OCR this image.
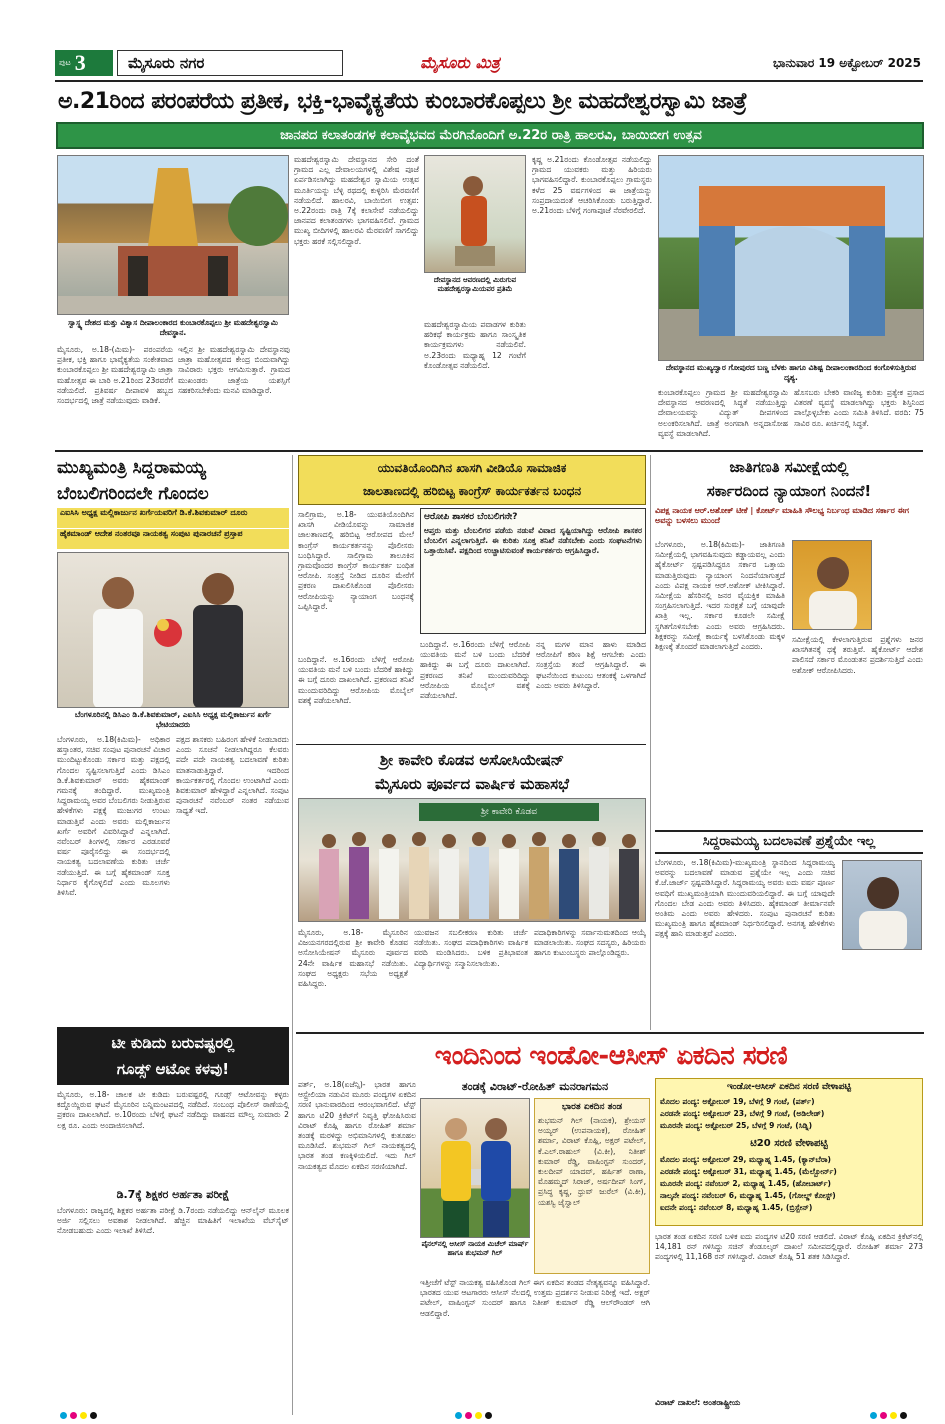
ಪುಟ 3	ಮೈಸೂರು ನಗರ	ಮೈಸೂರು ಮಿತ್ರ	ಭಾನುವಾರ 19 ಅಕ್ಟೋಬರ್ 2025
ಅ.21ರಿಂದ ಪರಂಪರೆಯ ಪ್ರತೀಕ, ಭಕ್ತಿ-ಭಾವೈಕ್ಯತೆಯ ಕುಂಬಾರಕೊಪ್ಪಲು ಶ್ರೀ ಮಹದೇಶ್ವರಸ್ವಾಮಿ ಜಾತ್ರೆ
ಜಾನಪದ ಕಲಾತಂಡಗಳ ಕಲಾವೈಭವದ ಮೆರಗಿನೊಂದಿಗೆ ಅ.22ರ ರಾತ್ರಿ ಹಾಲರವಿ, ಬಾಯಿಬೀಗ ಉತ್ಸವ
ಸ್ವಾಸ್ಥ್ಯ ದೇಶದ ಮತ್ತು ವಿಶ್ವಾಸ ದೀಪಾಲಂಕಾರದ ಕುಂಬಾರಕೊಪ್ಪಲು ಶ್ರೀ ಮಹದೇಶ್ವರಸ್ವಾಮಿ ದೇವಸ್ಥಾನ.
ಮೈಸೂರು, ಅ.18-(ಮಿಮ)- ಪರಂಪರೆಯ ಪ್ರತೀಕ, ಭಕ್ತಿ ಹಾಗೂ ಭಾವೈಕ್ಯತೆಯ ಸಂಕೇತವಾದ ಕುಂಬಾರಕೊಪ್ಪಲು ಶ್ರೀ ಮಹದೇಶ್ವರಸ್ವಾಮಿ ಜಾತ್ರಾ ಮಹೋತ್ಸವ ಈ ಬಾರಿ ಅ.21ರಿಂದ 23ರವರೆಗೆ ನಡೆಯಲಿದೆ. ಪ್ರತಿವರ್ಷ ದೀಪಾವಳಿ ಹಬ್ಬದ ಸಂದರ್ಭದಲ್ಲಿ ಜಾತ್ರೆ ನಡೆಯುವುದು ವಾಡಿಕೆ.
ಇಲ್ಲಿನ ಶ್ರೀ ಮಹದೇಶ್ವರಸ್ವಾಮಿ ದೇವಸ್ಥಾನವು ಜಾತ್ರಾ ಮಹೋತ್ಸವದ ಕೇಂದ್ರ ಬಿಂದುವಾಗಿದ್ದು ಸಾವಿರಾರು ಭಕ್ತರು ಆಗಮಿಸುತ್ತಾರೆ. ಗ್ರಾಮದ ಮುಖಂಡರು ಜಾತ್ರೆಯ ಯಶಸ್ಸಿಗೆ ಸಹಕರಿಸಬೇಕೆಂದು ಮನವಿ ಮಾಡಿದ್ದಾರೆ.
ಮಹದೇಶ್ವರಸ್ವಾಮಿ ದೇವಸ್ಥಾನದ ಸೇರಿ ದಂತೆ ಗ್ರಾಮದ ಎಲ್ಲ ದೇವಾಲಯಗಳಲ್ಲಿ ವಿಶೇಷ ಪೂಜೆ ಏರ್ಪಡಿಸಲಾಗಿದ್ದು ಮಹದೇಶ್ವರ ಸ್ವಾಮಿಯ ಉತ್ಸವ ಮೂರ್ತಿಯನ್ನು ಬೆಳ್ಳಿ ರಥದಲ್ಲಿ ಕುಳ್ಳಿರಿಸಿ ಮೆರವಣಿಗೆ ನಡೆಯಲಿದೆ. ಹಾಲರವಿ, ಬಾಯಿಬೀಗ ಉತ್ಸವ: ಅ.22ರಂದು ರಾತ್ರಿ 7ಕ್ಕೆ ಕಲಾಸೇವೆ ನಡೆಯಲಿದ್ದು ಜಾನಪದ ಕಲಾತಂಡಗಳು ಭಾಗವಹಿಸಲಿವೆ. ಗ್ರಾಮದ ಮುಖ್ಯ ಬೀದಿಗಳಲ್ಲಿ ಹಾಲರವಿ ಮೆರವಣಿಗೆ ಸಾಗಲಿದ್ದು ಭಕ್ತರು ಹರಕೆ ಸಲ್ಲಿಸಲಿದ್ದಾರೆ.
ದೇವಸ್ಥಾನದ ಆವರಣದಲ್ಲಿ ಮಿರುಗುವ ಮಹದೇಶ್ವರಸ್ವಾಮಿಯವರ ಪ್ರತಿಮೆ
ಮಹದೇಶ್ವರಸ್ವಾಮಿಯ ಪವಾಡಗಳ ಕುರಿತು ಹರಿಕಥೆ ಕಾರ್ಯಕ್ರಮ ಹಾಗೂ ಸಾಂಸ್ಕೃತಿಕ ಕಾರ್ಯಕ್ರಮಗಳು ನಡೆಯಲಿವೆ. ಅ.23ರಂದು ಮಧ್ಯಾಹ್ನ 12 ಗಂಟೆಗೆ ಕೊಂಡೋತ್ಸವ ನಡೆಯಲಿದೆ.
ಕೃಷ್ಣ ಅ.21ರಂದು ಕೊಂಡೋತ್ಸವ ನಡೆಯಲಿದ್ದು ಗ್ರಾಮದ ಯುವಕರು ಮತ್ತು ಹಿರಿಯರು ಭಾಗವಹಿಸಲಿದ್ದಾರೆ. ಕುಂಬಾರಕೊಪ್ಪಲು ಗ್ರಾಮಸ್ಥರು ಕಳೆದ 25 ವರ್ಷಗಳಿಂದ ಈ ಜಾತ್ರೆಯನ್ನು ಸಂಪ್ರದಾಯದಂತೆ ಆಚರಿಸಿಕೊಂಡು ಬರುತ್ತಿದ್ದಾರೆ. ಅ.21ರಂದು ಬೆಳಿಗ್ಗೆ ಗಂಗಾಪೂಜೆ ನೆರವೇರಲಿದೆ.
ದೇವಸ್ಥಾನದ ಮುಖ್ಯದ್ವಾರ ಗೋಪುರದ ಬಣ್ಣ ಬೆಳಕು ಹಾಗೂ ವಿಶಿಷ್ಟ ದೀಪಾಲಂಕಾರದಿಂದ ಕಂಗೊಳಿಸುತ್ತಿರುವ ದೃಶ್ಯ.
ಕುಂಬಾರಕೊಪ್ಪಲು ಗ್ರಾಮದ ಶ್ರೀ ಮಹದೇಶ್ವರಸ್ವಾಮಿ ದೇವಸ್ಥಾನದ ಆವರಣದಲ್ಲಿ ಸಿದ್ಧತೆ ನಡೆಯುತ್ತಿದ್ದು ದೇವಾಲಯವನ್ನು ವಿದ್ಯುತ್ ದೀಪಗಳಿಂದ ಅಲಂಕರಿಸಲಾಗಿದೆ. ಜಾತ್ರೆ ಅಂಗವಾಗಿ ಅನ್ನದಾಸೋಹ ವ್ಯವಸ್ಥೆ ಮಾಡಲಾಗಿದೆ.
ಹೊಸಬರು ಬೇಕರಿ ವಾಣಿಜ್ಯ ಕುರಿತು ಪ್ರತ್ಯೇಕ ಪ್ರಸಾದ ವಿತರಣೆ ವ್ಯವಸ್ಥೆ ಮಾಡಲಾಗಿದ್ದು ಭಕ್ತರು ಶಿಸ್ತಿನಿಂದ ಪಾಲ್ಗೊಳ್ಳಬೇಕು ಎಂದು ಸಮಿತಿ ತಿಳಿಸಿದೆ. ವರದಿ: 75 ಸಾವಿರ ರೂ. ಖರ್ಚಿನಲ್ಲಿ ಸಿದ್ಧತೆ.
ಮುಖ್ಯಮಂತ್ರಿ ಸಿದ್ದರಾಮಯ್ಯ
ಬೆಂಬಲಿಗರಿಂದಲೇ ಗೊಂದಲ
ಎಐಸಿಸಿ ಅಧ್ಯಕ್ಷ ಮಲ್ಲಿಕಾರ್ಜುನ ಖರ್ಗೆಯವರಿಗೆ ಡಿ.ಕೆ.ಶಿವಕುಮಾರ್ ದೂರು
ಹೈಕಮಾಂಡ್ ಆದೇಶ ನಂತರವೂ ನಾಯಕತ್ವ ಸಂಪುಟ ಪುನಾರಚನೆ ಪ್ರಸ್ತಾಪ
ಬೆಂಗಳೂರಿನಲ್ಲಿ ಡಿಸಿಎಂ ಡಿ.ಕೆ.ಶಿವಕುಮಾರ್, ಎಐಸಿಸಿ ಅಧ್ಯಕ್ಷ ಮಲ್ಲಿಕಾರ್ಜುನ ಖರ್ಗೆ ಭೇಟಿಯಾದರು
ಬೆಂಗಳೂರು, ಅ.18(ಕಿಮಿಮ)- ಅಧಿಕಾರ ಹಸ್ತಾಂತರ, ಸಚಿವ ಸಂಪುಟ ಪುನಾರಚನೆ ವಿಚಾರ ಮುಂದಿಟ್ಟುಕೊಂಡು ಸರ್ಕಾರ ಮತ್ತು ಪಕ್ಷದಲ್ಲಿ ಗೊಂದಲ ಸೃಷ್ಟಿಸಲಾಗುತ್ತಿದೆ ಎಂದು ಡಿಸಿಎಂ ಡಿ.ಕೆ.ಶಿವಕುಮಾರ್ ಅವರು ಹೈಕಮಾಂಡ್ ಗಮನಕ್ಕೆ ತಂದಿದ್ದಾರೆ. ಮುಖ್ಯಮಂತ್ರಿ ಸಿದ್ದರಾಮಯ್ಯ ಅವರ ಬೆಂಬಲಿಗರು ನೀಡುತ್ತಿರುವ ಹೇಳಿಕೆಗಳು ಪಕ್ಷಕ್ಕೆ ಮುಜುಗರ ಉಂಟು ಮಾಡುತ್ತಿವೆ ಎಂದು ಅವರು ಮಲ್ಲಿಕಾರ್ಜುನ ಖರ್ಗೆ ಅವರಿಗೆ ವಿವರಿಸಿದ್ದಾರೆ ಎನ್ನಲಾಗಿದೆ. ನವೆಂಬರ್ ತಿಂಗಳಲ್ಲಿ ಸರ್ಕಾರ ಎರಡೂವರೆ ವರ್ಷ ಪೂರೈಸಲಿದ್ದು ಈ ಸಂದರ್ಭದಲ್ಲಿ ನಾಯಕತ್ವ ಬದಲಾವಣೆಯ ಕುರಿತು ಚರ್ಚೆ ನಡೆಯುತ್ತಿದೆ. ಈ ಬಗ್ಗೆ ಹೈಕಮಾಂಡ್ ಸೂಕ್ತ ನಿರ್ಧಾರ ಕೈಗೊಳ್ಳಲಿದೆ ಎಂದು ಮೂಲಗಳು ತಿಳಿಸಿವೆ.
ಪಕ್ಷದ ಶಾಸಕರು ಬಹಿರಂಗ ಹೇಳಿಕೆ ನೀಡಬಾರದು ಎಂದು ಸೂಚನೆ ನೀಡಲಾಗಿದ್ದರೂ ಕೆಲವರು ಪದೇ ಪದೇ ನಾಯಕತ್ವ ಬದಲಾವಣೆ ಕುರಿತು ಮಾತನಾಡುತ್ತಿದ್ದಾರೆ. ಇದರಿಂದ ಕಾರ್ಯಕರ್ತರಲ್ಲಿ ಗೊಂದಲ ಉಂಟಾಗಿದೆ ಎಂದು ಶಿವಕುಮಾರ್ ಹೇಳಿದ್ದಾರೆ ಎನ್ನಲಾಗಿದೆ. ಸಂಪುಟ ಪುನಾರಚನೆ ನವೆಂಬರ್ ನಂತರ ನಡೆಯುವ ಸಾಧ್ಯತೆ ಇದೆ.
ಟೀ ಕುಡಿದು ಬರುವಷ್ಟರಲ್ಲಿ
ಗೂಡ್ಸ್ ಆಟೋ ಕಳವು!
ಮೈಸೂರು, ಅ.18- ಚಾಲಕ ಟೀ ಕುಡಿದು ಬರುವಷ್ಟರಲ್ಲಿ ಗೂಡ್ಸ್ ಆಟೋವನ್ನು ಕಳ್ಳರು ಕದ್ದೊಯ್ದಿರುವ ಘಟನೆ ಮೈಸೂರಿನ ಬನ್ನಿಮಂಟಪದಲ್ಲಿ ನಡೆದಿದೆ. ಸಂಬಂಧ ಪೊಲೀಸ್ ಠಾಣೆಯಲ್ಲಿ ಪ್ರಕರಣ ದಾಖಲಾಗಿದೆ. ಅ.10ರಂದು ಬೆಳಿಗ್ಗೆ ಘಟನೆ ನಡೆದಿದ್ದು ವಾಹನದ ಮೌಲ್ಯ ಸುಮಾರು 2 ಲಕ್ಷ ರೂ. ಎಂದು ಅಂದಾಜಿಸಲಾಗಿದೆ.
ಡಿ.7ಕ್ಕೆ ಶಿಕ್ಷಕರ ಅರ್ಹತಾ ಪರೀಕ್ಷೆ
ಬೆಂಗಳೂರು: ರಾಜ್ಯದಲ್ಲಿ ಶಿಕ್ಷಕರ ಅರ್ಹತಾ ಪರೀಕ್ಷೆ ಡಿ.7ರಂದು ನಡೆಯಲಿದ್ದು ಆನ್‌ಲೈನ್ ಮೂಲಕ ಅರ್ಜಿ ಸಲ್ಲಿಸಲು ಅವಕಾಶ ನೀಡಲಾಗಿದೆ. ಹೆಚ್ಚಿನ ಮಾಹಿತಿಗೆ ಇಲಾಖೆಯ ವೆಬ್‌ಸೈಟ್ ನೋಡಬಹುದು ಎಂದು ಇಲಾಖೆ ತಿಳಿಸಿದೆ.
ಯುವತಿಯೊಂದಿಗಿನ ಖಾಸಗಿ ವೀಡಿಯೊ ಸಾಮಾಜಿಕ
ಜಾಲತಾಣದಲ್ಲಿ ಹರಿಬಿಟ್ಟ ಕಾಂಗ್ರೆಸ್ ಕಾರ್ಯಕರ್ತನ ಬಂಧನ
ಸಾಲಿಗ್ರಾಮ, ಅ.18- ಯುವತಿಯೊಂದಿಗಿನ ಖಾಸಗಿ ವೀಡಿಯೊವನ್ನು ಸಾಮಾಜಿಕ ಜಾಲತಾಣದಲ್ಲಿ ಹರಿಬಿಟ್ಟ ಆರೋಪದ ಮೇಲೆ ಕಾಂಗ್ರೆಸ್ ಕಾರ್ಯಕರ್ತನನ್ನು ಪೊಲೀಸರು ಬಂಧಿಸಿದ್ದಾರೆ. ಸಾಲಿಗ್ರಾಮ ತಾಲೂಕಿನ ಗ್ರಾಮವೊಂದರ ಕಾಂಗ್ರೆಸ್ ಕಾರ್ಯಕರ್ತ ಬಂಧಿತ ಆರೋಪಿ. ಸಂತ್ರಸ್ತೆ ನೀಡಿದ ದೂರಿನ ಮೇರೆಗೆ ಪ್ರಕರಣ ದಾಖಲಿಸಿಕೊಂಡ ಪೊಲೀಸರು ಆರೋಪಿಯನ್ನು ನ್ಯಾಯಾಂಗ ಬಂಧನಕ್ಕೆ ಒಪ್ಪಿಸಿದ್ದಾರೆ.
ಆರೋಪಿ ಶಾಸಕರ ಬೆಂಬಲಿಗನೇ?
ಆಪ್ತರು ಮತ್ತು ಬೆಂಬಲಿಗರ ಪಡೆಯ ನಡುವೆ ವಿವಾದ ಸೃಷ್ಟಿಯಾಗಿದ್ದು ಆರೋಪಿ ಶಾಸಕರ ಬೆಂಬಲಿಗ ಎನ್ನಲಾಗುತ್ತಿದೆ. ಈ ಕುರಿತು ಸೂಕ್ತ ತನಿಖೆ ನಡೆಸಬೇಕು ಎಂದು ಸಂಘಟನೆಗಳು ಒತ್ತಾಯಿಸಿವೆ. ಪಕ್ಷದಿಂದ ಉಚ್ಚಾಟಿಸುವಂತೆ ಕಾರ್ಯಕರ್ತರು ಆಗ್ರಹಿಸಿದ್ದಾರೆ.
ಬಂದಿದ್ದಾನೆ. ಅ.16ರಂದು ಬೆಳಿಗ್ಗೆ ಆರೋಪಿ ಯುವತಿಯ ಮನೆ ಬಳಿ ಬಂದು ಬೆದರಿಕೆ ಹಾಕಿದ್ದು ಈ ಬಗ್ಗೆ ದೂರು ದಾಖಲಾಗಿದೆ. ಪ್ರಕರಣದ ತನಿಖೆ ಮುಂದುವರಿದಿದ್ದು ಆರೋಪಿಯ ಮೊಬೈಲ್ ವಶಕ್ಕೆ ಪಡೆಯಲಾಗಿದೆ.
ನನ್ನ ಮಗಳ ಮಾನ ಹಾಳು ಮಾಡಿದ ಆರೋಪಿಗೆ ಕಠಿಣ ಶಿಕ್ಷೆ ಆಗಬೇಕು ಎಂದು ಸಂತ್ರಸ್ತೆಯ ತಂದೆ ಆಗ್ರಹಿಸಿದ್ದಾರೆ. ಈ ಘಟನೆಯಿಂದ ಕುಟುಂಬ ಆತಂಕಕ್ಕೆ ಒಳಗಾಗಿದೆ ಎಂದು ಅವರು ತಿಳಿಸಿದ್ದಾರೆ.
ಬಂದಿದ್ದಾನೆ. ಅ.16ರಂದು ಬೆಳಿಗ್ಗೆ ಆರೋಪಿ ಯುವತಿಯ ಮನೆ ಬಳಿ ಬಂದು ಬೆದರಿಕೆ ಹಾಕಿದ್ದು ಈ ಬಗ್ಗೆ ದೂರು ದಾಖಲಾಗಿದೆ. ಪ್ರಕರಣದ ತನಿಖೆ ಮುಂದುವರಿದಿದ್ದು ಆರೋಪಿಯ ಮೊಬೈಲ್ ವಶಕ್ಕೆ ಪಡೆಯಲಾಗಿದೆ.
ಶ್ರೀ ಕಾವೇರಿ ಕೊಡವ ಅಸೋಸಿಯೇಷನ್
ಮೈಸೂರು ಪೂರ್ವದ ವಾರ್ಷಿಕ ಮಹಾಸಭೆ
ಶ್ರೀ ಕಾವೇರಿ ಕೊಡವ
ಮೈಸೂರು, ಅ.18- ಮೈಸೂರಿನ ವಿಜಯನಗರದಲ್ಲಿರುವ ಶ್ರೀ ಕಾವೇರಿ ಕೊಡವ ಅಸೋಸಿಯೇಷನ್ ಮೈಸೂರು ಪೂರ್ವದ 24ನೇ ವಾರ್ಷಿಕ ಮಹಾಸಭೆ ನಡೆಯಿತು. ಸಂಘದ ಅಧ್ಯಕ್ಷರು ಸಭೆಯ ಅಧ್ಯಕ್ಷತೆ ವಹಿಸಿದ್ದರು.
ಯುವಜನ ಸಬಲೀಕರಣ ಕುರಿತು ಚರ್ಚೆ ನಡೆಯಿತು. ಸಂಘದ ಪದಾಧಿಕಾರಿಗಳು ವಾರ್ಷಿಕ ವರದಿ ಮಂಡಿಸಿದರು. ಬಳಿಕ ಪ್ರತಿಭಾವಂತ ವಿದ್ಯಾರ್ಥಿಗಳನ್ನು ಸನ್ಮಾನಿಸಲಾಯಿತು.
ಪದಾಧಿಕಾರಿಗಳನ್ನು ಸರ್ವಾನುಮತದಿಂದ ಆಯ್ಕೆ ಮಾಡಲಾಯಿತು. ಸಂಘದ ಸದಸ್ಯರು, ಹಿರಿಯರು ಹಾಗೂ ಕುಟುಂಬಸ್ಥರು ಪಾಲ್ಗೊಂಡಿದ್ದರು.
ಜಾತಿಗಣತಿ ಸಮೀಕ್ಷೆಯಲ್ಲಿ
ಸರ್ಕಾರದಿಂದ ನ್ಯಾಯಾಂಗ ನಿಂದನೆ!
ವಿಪಕ್ಷ ನಾಯಕ ಆರ್.ಅಶೋಕ್ ಟೀಕೆ | ಕೋರ್ಟ್ ಮಾಹಿತಿ ಸೌಲಭ್ಯ ನಿರ್ಬಂಧ ಮಾಡಿದ ಸರ್ಕಾರ ಈಗ ಅವನ್ನು ಬಳಸಲು ಮುಂದೆ
ಬೆಂಗಳೂರು, ಅ.18(ಕಿಮಿಮ)- ಜಾತಿಗಣತಿ ಸಮೀಕ್ಷೆಯಲ್ಲಿ ಭಾಗವಹಿಸುವುದು ಕಡ್ಡಾಯವಲ್ಲ ಎಂದು ಹೈಕೋರ್ಟ್ ಸ್ಪಷ್ಟಪಡಿಸಿದ್ದರೂ ಸರ್ಕಾರ ಒತ್ತಾಯ ಮಾಡುತ್ತಿರುವುದು ನ್ಯಾಯಾಂಗ ನಿಂದನೆಯಾಗುತ್ತದೆ ಎಂದು ವಿಪಕ್ಷ ನಾಯಕ ಆರ್.ಅಶೋಕ್ ಟೀಕಿಸಿದ್ದಾರೆ. ಸಮೀಕ್ಷೆಯ ಹೆಸರಿನಲ್ಲಿ ಜನರ ವೈಯಕ್ತಿಕ ಮಾಹಿತಿ ಸಂಗ್ರಹಿಸಲಾಗುತ್ತಿದೆ. ಇದರ ಸುರಕ್ಷತೆ ಬಗ್ಗೆ ಯಾವುದೇ ಖಾತ್ರಿ ಇಲ್ಲ. ಸರ್ಕಾರ ಕೂಡಲೇ ಸಮೀಕ್ಷೆ ಸ್ಥಗಿತಗೊಳಿಸಬೇಕು ಎಂದು ಅವರು ಆಗ್ರಹಿಸಿದರು. ಶಿಕ್ಷಕರನ್ನು ಸಮೀಕ್ಷೆ ಕಾರ್ಯಕ್ಕೆ ಬಳಸಿಕೊಂಡು ಮಕ್ಕಳ ಶಿಕ್ಷಣಕ್ಕೆ ತೊಂದರೆ ಮಾಡಲಾಗುತ್ತಿದೆ ಎಂದರು.
ಸಮೀಕ್ಷೆಯಲ್ಲಿ ಕೇಳಲಾಗುತ್ತಿರುವ ಪ್ರಶ್ನೆಗಳು ಜನರ ಖಾಸಗಿತನಕ್ಕೆ ಧಕ್ಕೆ ತರುತ್ತಿವೆ. ಹೈಕೋರ್ಟ್ ಆದೇಶ ಪಾಲಿಸದೆ ಸರ್ಕಾರ ಮೊಂಡುತನ ಪ್ರದರ್ಶಿಸುತ್ತಿದೆ ಎಂದು ಅಶೋಕ್ ಆರೋಪಿಸಿದರು.
ಸಿದ್ದರಾಮಯ್ಯ ಬದಲಾವಣೆ ಪ್ರಶ್ನೆಯೇ ಇಲ್ಲ
ಬೆಂಗಳೂರು, ಅ.18(ಕಿಮಿಮ)-ಮುಖ್ಯಮಂತ್ರಿ ಸ್ಥಾನದಿಂದ ಸಿದ್ದರಾಮಯ್ಯ ಅವರನ್ನು ಬದಲಾವಣೆ ಮಾಡುವ ಪ್ರಶ್ನೆಯೇ ಇಲ್ಲ ಎಂದು ಸಚಿವ ಕೆ.ಜೆ.ಜಾರ್ಜ್ ಸ್ಪಷ್ಟಪಡಿಸಿದ್ದಾರೆ. ಸಿದ್ದರಾಮಯ್ಯ ಅವರು ಐದು ವರ್ಷ ಪೂರ್ಣ ಅವಧಿಗೆ ಮುಖ್ಯಮಂತ್ರಿಯಾಗಿ ಮುಂದುವರಿಯಲಿದ್ದಾರೆ. ಈ ಬಗ್ಗೆ ಯಾವುದೇ ಗೊಂದಲ ಬೇಡ ಎಂದು ಅವರು ತಿಳಿಸಿದರು. ಹೈಕಮಾಂಡ್ ತೀರ್ಮಾನವೇ ಅಂತಿಮ ಎಂದು ಅವರು ಹೇಳಿದರು. ಸಂಪುಟ ಪುನಾರಚನೆ ಕುರಿತು ಮುಖ್ಯಮಂತ್ರಿ ಹಾಗೂ ಹೈಕಮಾಂಡ್ ನಿರ್ಧರಿಸಲಿದ್ದಾರೆ. ಅನಗತ್ಯ ಹೇಳಿಕೆಗಳು ಪಕ್ಷಕ್ಕೆ ಹಾನಿ ಮಾಡುತ್ತವೆ ಎಂದರು.
ಇಂದಿನಿಂದ ಇಂಡೋ-ಆಸೀಸ್ ಏಕದಿನ ಸರಣಿ
ಪರ್ತ್, ಅ.18(ಏಜೆನ್ಸಿ)- ಭಾರತ ಹಾಗೂ ಆಸ್ಟ್ರೇಲಿಯಾ ನಡುವಿನ ಮೂರು ಪಂದ್ಯಗಳ ಏಕದಿನ ಸರಣಿ ಭಾನುವಾರದಿಂದ ಆರಂಭವಾಗಲಿದೆ. ಟೆಸ್ಟ್ ಹಾಗೂ ಟಿ20 ಕ್ರಿಕೆಟ್‌ಗೆ ನಿವೃತ್ತಿ ಘೋಷಿಸಿರುವ ವಿರಾಟ್ ಕೊಹ್ಲಿ ಹಾಗೂ ರೋಹಿತ್ ಶರ್ಮಾ ತಂಡಕ್ಕೆ ಮರಳಿದ್ದು ಅಭಿಮಾನಿಗಳಲ್ಲಿ ಕುತೂಹಲ ಮೂಡಿಸಿದೆ. ಶುಭಮನ್ ಗಿಲ್ ನಾಯಕತ್ವದಲ್ಲಿ ಭಾರತ ತಂಡ ಕಣಕ್ಕಿಳಿಯಲಿದೆ. ಇದು ಗಿಲ್ ನಾಯಕತ್ವದ ಮೊದಲ ಏಕದಿನ ಸರಣಿಯಾಗಿದೆ.
ತಂಡಕ್ಕೆ ವಿರಾಟ್-ರೋಹಿತ್ ಮನರಾಗಮನ
ಪೈನಲ್‌ನಲ್ಲಿ ಆಸೀಸ್ ನಾಯಕ ಮಿಚೆಲ್ ಮಾರ್ಷ್ ಹಾಗೂ ಶುಭಮನ್ ಗಿಲ್
ಭಾರತ ಏಕದಿನ ತಂಡ
ಶುಭಮನ್ ಗಿಲ್ (ನಾಯಕ), ಶ್ರೇಯಸ್ ಅಯ್ಯರ್ (ಉಪನಾಯಕ), ರೋಹಿತ್ ಶರ್ಮಾ, ವಿರಾಟ್ ಕೊಹ್ಲಿ, ಅಕ್ಷರ್ ಪಟೇಲ್, ಕೆ.ಎಲ್.ರಾಹುಲ್ (ವಿ.ಕೀ), ನಿತೀಶ್ ಕುಮಾರ್ ರೆಡ್ಡಿ, ವಾಷಿಂಗ್ಟನ್ ಸುಂದರ್, ಕುಲದೀಪ್ ಯಾದವ್, ಹರ್ಷಿತ್ ರಾಣಾ, ಮೊಹಮ್ಮದ್ ಸಿರಾಜ್, ಅರ್ಷದೀಪ್ ಸಿಂಗ್, ಪ್ರಸಿದ್ಧ ಕೃಷ್ಣ, ಧ್ರುವ್ ಜುರೆಲ್ (ವಿ.ಕೀ), ಯಶಸ್ವಿ ಜೈಸ್ವಾಲ್
ಇತ್ತೀಚೆಗೆ ಟೆಸ್ಟ್ ನಾಯಕತ್ವ ವಹಿಸಿಕೊಂಡ ಗಿಲ್ ಈಗ ಏಕದಿನ ತಂಡದ ನೇತೃತ್ವವನ್ನೂ ವಹಿಸಿದ್ದಾರೆ. ಭಾರತದ ಯುವ ಆಟಗಾರರು ಆಸೀಸ್ ನೆಲದಲ್ಲಿ ಉತ್ತಮ ಪ್ರದರ್ಶನ ನೀಡುವ ನಿರೀಕ್ಷೆ ಇದೆ. ಅಕ್ಷರ್ ಪಟೇಲ್, ವಾಷಿಂಗ್ಟನ್ ಸುಂದರ್ ಹಾಗೂ ನಿತೀಶ್ ಕುಮಾರ್ ರೆಡ್ಡಿ ಆಲ್‌ರೌಂಡರ್ ಆಗಿ ಆಡಲಿದ್ದಾರೆ.
ಇಂಡೋ-ಆಸೀಸ್ ಏಕದಿನ ಸರಣಿ ವೇಳಾಪಟ್ಟಿ
ಮೊದಲ ಪಂದ್ಯ: ಅಕ್ಟೋಬರ್ 19, ಬೆಳಗ್ಗೆ 9 ಗಂಟೆ, (ಪರ್ತ್)
ಎರಡನೇ ಪಂದ್ಯ: ಅಕ್ಟೋಬರ್ 23, ಬೆಳಗ್ಗೆ 9 ಗಂಟೆ, (ಅಡಿಲೇಡ್)
ಮೂರನೇ ಪಂದ್ಯ: ಅಕ್ಟೋಬರ್ 25, ಬೆಳಗ್ಗೆ 9 ಗಂಟೆ, (ಸಿಡ್ನಿ)
ಟಿ20 ಸರಣಿ ವೇಳಾಪಟ್ಟಿ
ಮೊದಲ ಪಂದ್ಯ: ಅಕ್ಟೋಬರ್ 29, ಮಧ್ಯಾಹ್ನ 1.45, (ಕ್ಯಾನ್‌ಬೆರಾ)
ಎರಡನೇ ಪಂದ್ಯ: ಅಕ್ಟೋಬರ್ 31, ಮಧ್ಯಾಹ್ನ 1.45, (ಮೆಲ್ಬೋರ್ನ್)
ಮೂರನೇ ಪಂದ್ಯ: ನವೆಂಬರ್ 2, ಮಧ್ಯಾಹ್ನ 1.45, (ಹೋಬಾರ್ಟ್)
ನಾಲ್ಕನೇ ಪಂದ್ಯ: ನವೆಂಬರ್ 6, ಮಧ್ಯಾಹ್ನ 1.45, (ಗೋಲ್ಡ್ ಕೋಸ್ಟ್)
ಐದನೇ ಪಂದ್ಯ: ನವೆಂಬರ್ 8, ಮಧ್ಯಾಹ್ನ 1.45, (ಬ್ರಿಸ್ಬೇನ್)
ಭಾರತ ತಂಡ ಏಕದಿನ ಸರಣಿ ಬಳಿಕ ಐದು ಪಂದ್ಯಗಳ ಟಿ20 ಸರಣಿ ಆಡಲಿದೆ. ವಿರಾಟ್ ಕೊಹ್ಲಿ ಏಕದಿನ ಕ್ರಿಕೆಟ್‌ನಲ್ಲಿ 14,181 ರನ್ ಗಳಿಸಿದ್ದು ಸಚಿನ್ ತೆಂಡೂಲ್ಕರ್ ದಾಖಲೆ ಸಮೀಪದಲ್ಲಿದ್ದಾರೆ. ರೋಹಿತ್ ಶರ್ಮಾ 273 ಪಂದ್ಯಗಳಲ್ಲಿ 11,168 ರನ್ ಗಳಿಸಿದ್ದಾರೆ. ವಿರಾಟ್ ಕೊಹ್ಲಿ 51 ಶತಕ ಸಿಡಿಸಿದ್ದಾರೆ.
ವಿರಾಟ್ ದಾಖಲೆ: ಅಂತರಾಷ್ಟ್ರೀಯ
